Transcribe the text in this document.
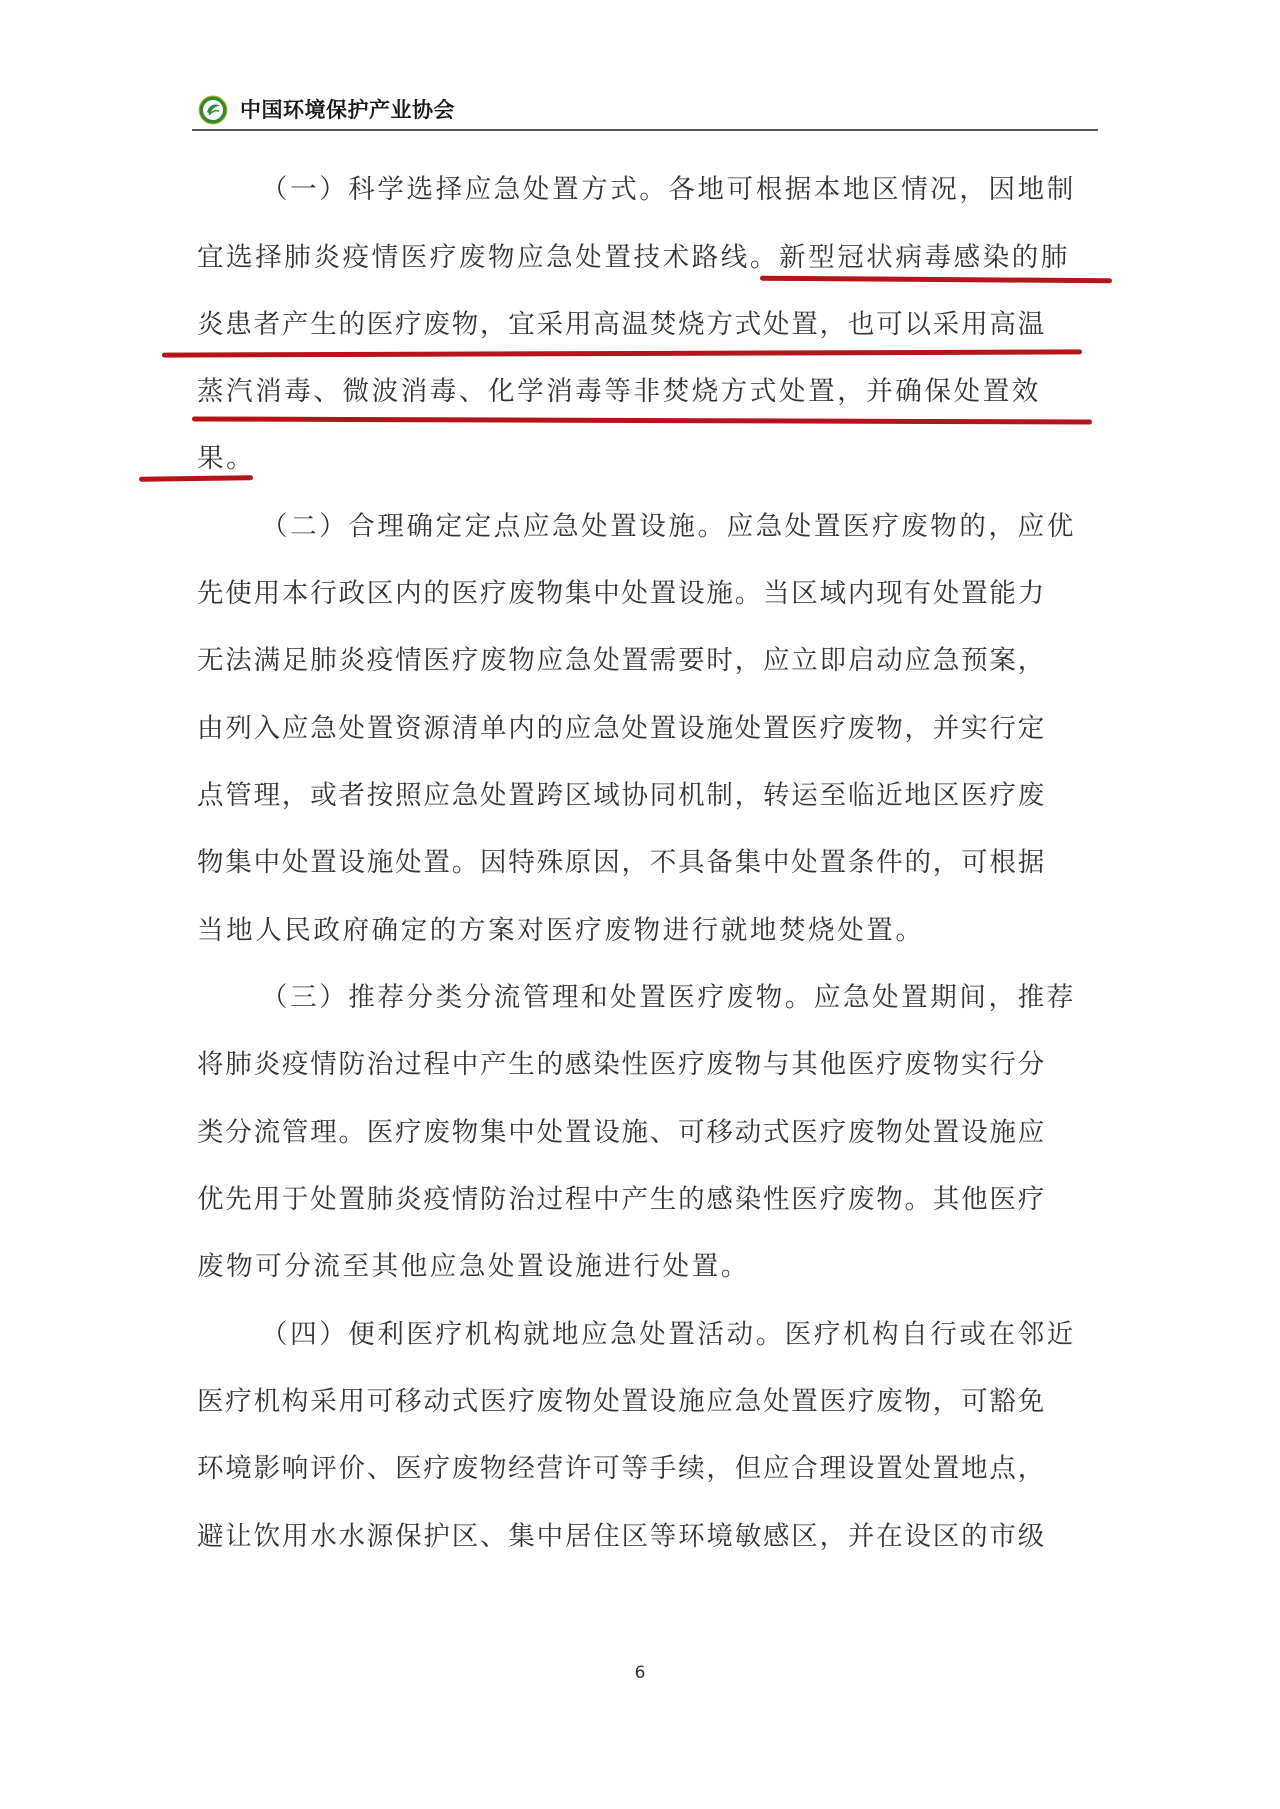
中国环境保护产业协会
（一）科学选择应急处置方式。各地可根据本地区情况，因地制
宜选择肺炎疫情医疗废物应急处置技术路线。新型冠状病毒感染的肺
炎患者产生的医疗废物，宜采用高温焚烧方式处置，也可以采用高温
蒸汽消毒、微波消毒、化学消毒等非焚烧方式处置，并确保处置效
果。
（二）合理确定定点应急处置设施。应急处置医疗废物的，应优
先使用本行政区内的医疗废物集中处置设施。当区域内现有处置能力
无法满足肺炎疫情医疗废物应急处置需要时，应立即启动应急预案，
由列入应急处置资源清单内的应急处置设施处置医疗废物，并实行定
点管理，或者按照应急处置跨区域协同机制，转运至临近地区医疗废
物集中处置设施处置。因特殊原因，不具备集中处置条件的，可根据
当地人民政府确定的方案对医疗废物进行就地焚烧处置。
（三）推荐分类分流管理和处置医疗废物。应急处置期间，推荐
将肺炎疫情防治过程中产生的感染性医疗废物与其他医疗废物实行分
类分流管理。医疗废物集中处置设施、可移动式医疗废物处置设施应
优先用于处置肺炎疫情防治过程中产生的感染性医疗废物。其他医疗
废物可分流至其他应急处置设施进行处置。
（四）便利医疗机构就地应急处置活动。医疗机构自行或在邻近
医疗机构采用可移动式医疗废物处置设施应急处置医疗废物，可豁免
环境影响评价、医疗废物经营许可等手续，但应合理设置处置地点，
避让饮用水水源保护区、集中居住区等环境敏感区，并在设区的市级
6
